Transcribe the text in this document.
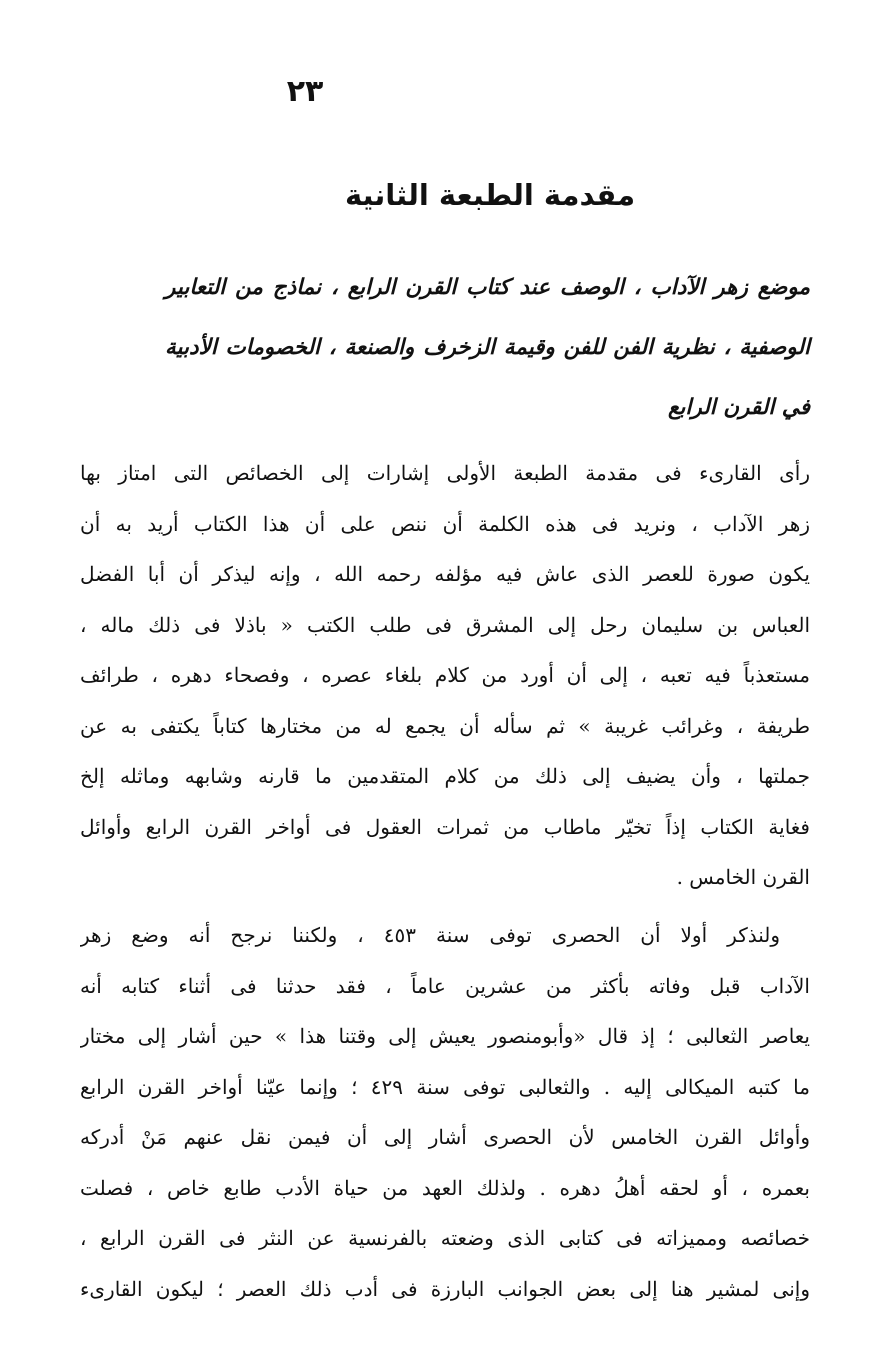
٢٣
مقدمة الطبعة الثانية
موضع زهر الآداب ، الوصف عند كتاب القرن الرابع ، نماذج من التعابير الوصفية ، نظرية الفن للفن وقيمة الزخرف والصنعة ، الخصومات الأدبية في القرن الرابع
رأى القارىء فى مقدمة الطبعة الأولى إشارات إلى الخصائص التى امتاز بها
زهر الآداب ، ونريد فى هذه الكلمة أن ننص على أن هذا الكتاب أريد به أن
يكون صورة للعصر الذى عاش فيه مؤلفه رحمه الله ، وإنه ليذكر أن أبا الفضل
العباس بن سليمان رحل إلى المشرق فى طلب الكتب « باذلا فى ذلك ماله ،
مستعذباً فيه تعبه ، إلى أن أورد من كلام بلغاء عصره ، وفصحاء دهره ، طرائف
طريفة ، وغرائب غريبة » ثم سأله أن يجمع له من مختارها كتاباً يكتفى به عن
جملتها ، وأن يضيف إلى ذلك من كلام المتقدمين ما قارنه وشابهه وماثله إلخ
فغاية الكتاب إذاً تخيّر ماطاب من ثمرات العقول فى أواخر القرن الرابع وأوائل
القرن الخامس .
ولنذكر أولا أن الحصرى توفى سنة ٤٥٣ ، ولكننا نرجح أنه وضع زهر
الآداب قبل وفاته بأكثر من عشرين عاماً ، فقد حدثنا فى أثناء كتابه أنه
يعاصر الثعالبى ؛ إذ قال «وأبومنصور يعيش إلى وقتنا هذا » حين أشار إلى مختار
ما كتبه الميكالى إليه . والثعالبى توفى سنة ٤٢٩ ؛ وإنما عيّنا أواخر القرن الرابع
وأوائل القرن الخامس لأن الحصرى أشار إلى أن فيمن نقل عنهم مَنْ أدركه
بعمره ، أو لحقه أهلُ دهره . ولذلك العهد من حياة الأدب طابع خاص ، فصلت
خصائصه ومميزاته فى كتابى الذى وضعته بالفرنسية عن النثر فى القرن الرابع ،
وإنى لمشير هنا إلى بعض الجوانب البارزة فى أدب ذلك العصر ؛ ليكون القارىء
